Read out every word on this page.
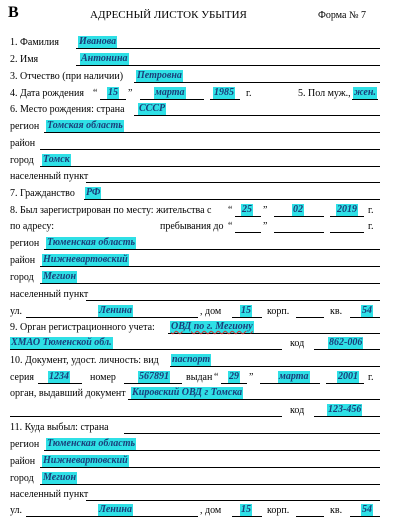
В	АДРЕСНЫЙ ЛИСТОК УБЫТИЯ	Форма № 7
1. Фамилия Иванова
2. Имя	Антонина
3. Отчество (при наличии) Петровна
4. Дата рождения “ 15 ” марта	1985 г.	5. Пол муж., жен.
6. Место рождения: страна СССР
регион Томская область
район
город Томск
населенный пункт
7. Гражданство РФ
8. Был зарегистрирован по месту: жительства с “ 25 ”	02	2019 г.
по адресу:	пребывания до “	”	г.
регион Тюменская область
район Нижневартовский
город Мегион
населенный пункт
ул.	Ленина	, дом 15 корп.	кв. 54
9. Орган регистрационного учета: ОВД по г. Мегиону
ХМАО Тюменской обл.	код 862-006
10. Документ, удост. личность: вид паспорт
серия 1234 номер 567891 выдан “ 29 ”	марта	2001 г.
орган, выдавший документ Кировский ОВД г Томска
код 123-456
11. Куда выбыл: страна
регион Тюменская область
район Нижневартовский
город Мегион
населенный пункт
ул.	Ленина	, дом 15 корп.	кв. 54
